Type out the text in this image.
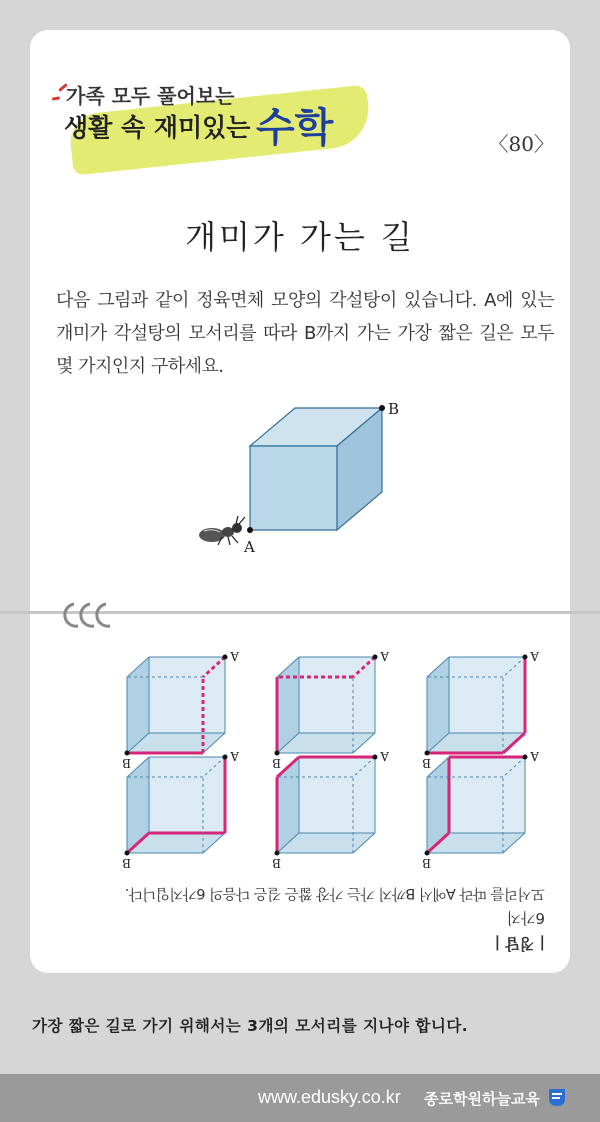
가족 모두 풀어보는
생활 속 재미있는 수학	〈80〉
개미가 가는 길
다음 그림과 같이 정육면체 모양의 각설탕이 있습니다. A에 있는 개미가 각설탕의 모서리를 따라 B까지 가는 가장 짧은 길은 모두 몇 가지인지 구하세요.
B
A
| 정답 |
6가지
모서리를 따라 A에서 B까지 가는 가장 짧은 길은 다음의 6가지입니다.
A
B
A
B
A
B
A
B
A
B
A
B
가장 짧은 길로 가기 위해서는 3개의 모서리를 지나야 합니다.
www.edusky.co.kr 종로학원하늘교육
